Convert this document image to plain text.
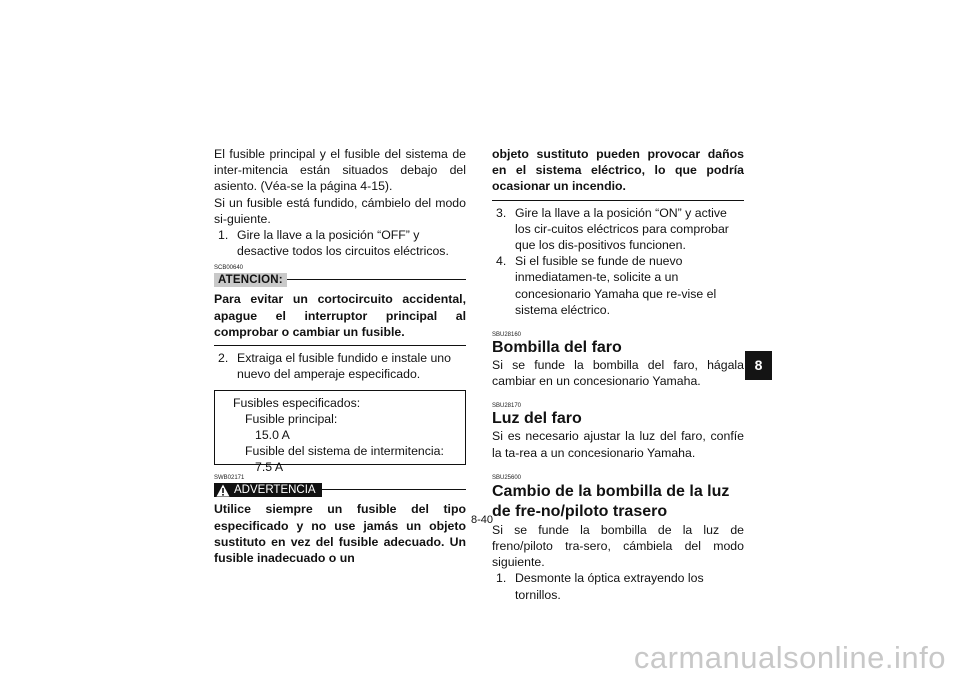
El fusible principal y el fusible del sistema de inter-mitencia están situados debajo del asiento. (Véa-se la página 4-15).

Si un fusible está fundido, cámbielo del modo si-guiente.

1. Gire la llave a la posición “OFF” y desactive todos los circuitos eléctricos.
SCB00640
ATENCION:
Para evitar un cortocircuito accidental, apague el interruptor principal al comprobar o cambiar un fusible.
2. Extraiga el fusible fundido e instale uno nuevo del amperaje especificado.
Fusibles especificados:
Fusible principal:
15.0 A
Fusible del sistema de intermitencia:
7.5 A
SWB02171
ADVERTENCIA
Utilice siempre un fusible del tipo especificado y no use jamás un objeto sustituto en vez del fusible adecuado. Un fusible inadecuado o un
objeto sustituto pueden provocar daños en el sistema eléctrico, lo que podría ocasionar un incendio.
3. Gire la llave a la posición “ON” y active los cir-cuitos eléctricos para comprobar que los dis-positivos funcionen.
4. Si el fusible se funde de nuevo inmediatamen-te, solicite a un concesionario Yamaha que re-vise el sistema eléctrico.
SBU28160
Bombilla del faro

Si se funde la bombilla del faro, hágala cambiar en un concesionario Yamaha.

SBU28170
Luz del faro

Si es necesario ajustar la luz del faro, confíe la ta-rea a un concesionario Yamaha.

SBU25600
Cambio de la bombilla de la luz de fre-no/piloto trasero

Si se funde la bombilla de la luz de freno/piloto tra-sero, cámbiela del modo siguiente.

1. Desmonte la óptica extrayendo los tornillos.
8
8-40
carmanualsonline.info
